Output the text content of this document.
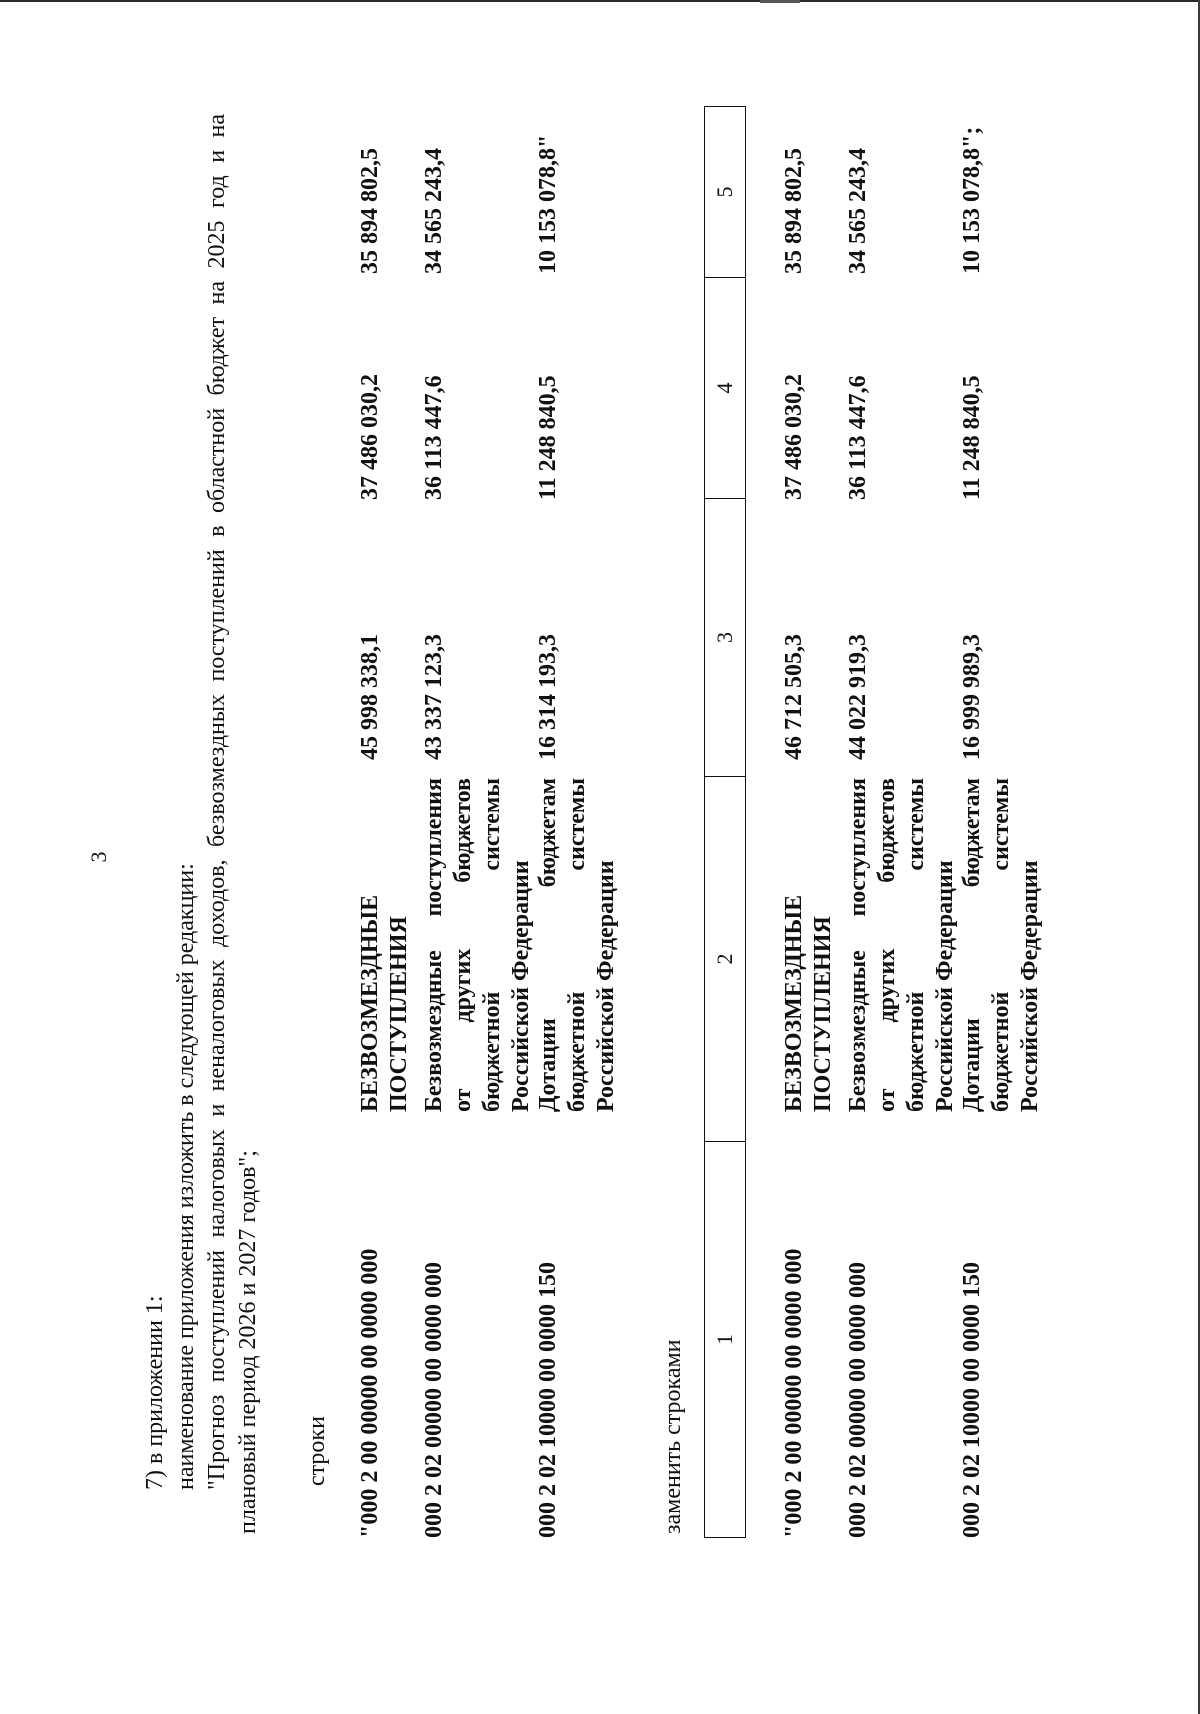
3
7) в приложении 1: наименование приложения изложить в следующей редакции: "Прогноз поступлений налоговых и неналоговых доходов, безвозмездных поступлений в областной бюджет на 2025 год и на плановый период 2026 и 2027 годов"; строки "000 2 00 00000 00 0000 000
БЕЗВОЗМЕЗДНЫЕ ПОСТУПЛЕНИЯ
45 998 338,1
37 486 030,2
35 894 802,5
000 2 02 00000 00 0000 000
Безвозмездные поступления от других бюджетов бюджетной системы Российской Федерации
43 337 123,3
36 113 447,6
34 565 243,4
000 2 02 10000 00 0000 150
Дотации бюджетам бюджетной системы Российской Федерации
16 314 193,3
11 248 840,5
10 153 078,8"
заменить строками	1
2
3
4
5
"000 2 00 00000 00 0000 000
БЕЗВОЗМЕЗДНЫЕ ПОСТУПЛЕНИЯ
46 712 505,3
37 486 030,2
35 894 802,5
000 2 02 00000 00 0000 000
Безвозмездные поступления от других бюджетов бюджетной системы Российской Федерации
44 022 919,3
36 113 447,6
34 565 243,4
000 2 02 10000 00 0000 150
Дотации бюджетам бюджетной системы Российской Федерации
16 999 989,3
11 248 840,5
10 153 078,8";
